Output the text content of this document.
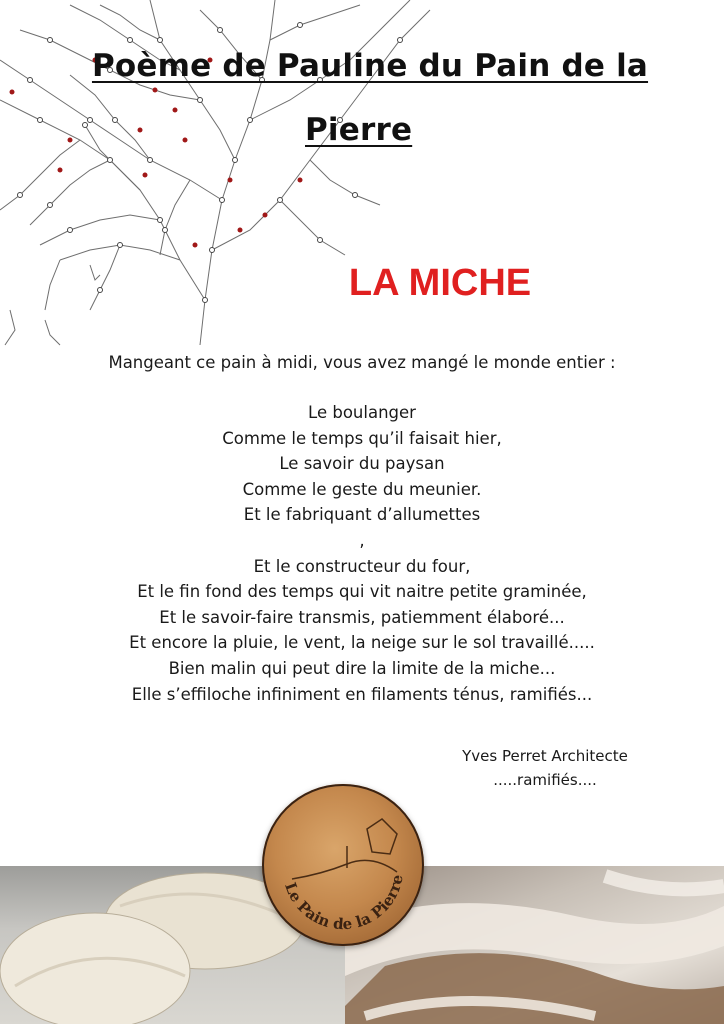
Poème de Pauline du Pain de la
Pierre
LA MICHE
Mangeant ce pain à midi, vous avez mangé le monde entier :
Le boulanger
Comme le temps qu’il faisait hier,
Le savoir du paysan
Comme le geste du meunier.
Et le fabriquant d’allumettes
,
Et le constructeur du four,
Et le fin fond des temps qui vit naitre petite graminée,
Et le savoir-faire transmis, patiemment élaboré...
Et encore la pluie, le vent, la neige sur le sol travaillé.....
Bien malin qui peut dire la limite de la miche...
Elle s’effiloche infiniment en filaments ténus, ramifiés...
Yves Perret Architecte
.....ramifiés....
Le Pain de la Pierre
